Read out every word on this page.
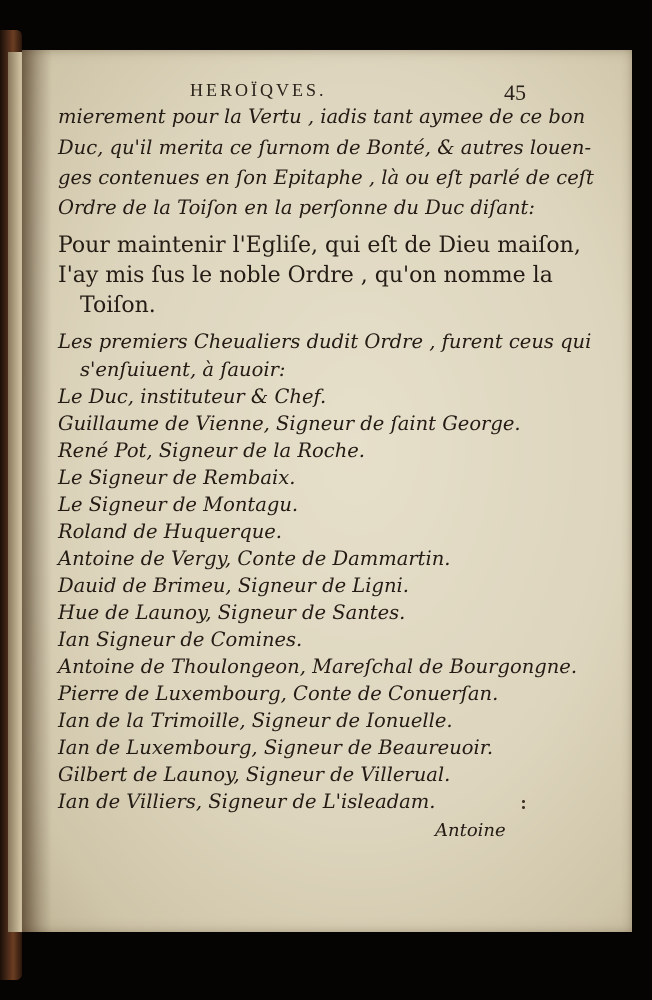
HEROÏQVES.	45
mierement pour la Vertu , iadis tant aymee de ce bon
Duc, qu'il merita ce ſurnom de Bonté, & autres louen-
ges contenues en ſon Epitaphe , là ou eſt parlé de ceſt
Ordre de la Toiſon en la perſonne du Duc diſant:
Pour maintenir l'Egliſe, qui eſt de Dieu maiſon,
I'ay mis ſus le noble Ordre , qu'on nomme la
Toiſon.
Les premiers Cheualiers dudit Ordre , furent ceus qui
s'enſuiuent, à ſauoir:
Le Duc, instituteur & Chef.
Guillaume de Vienne, Signeur de ſaint George.
René Pot, Signeur de la Roche.
Le Signeur de Rembaix.
Le Signeur de Montagu.
Roland de Huquerque.
Antoine de Vergy, Conte de Dammartin.
Dauid de Brimeu, Signeur de Ligni.
Hue de Launoy, Signeur de Santes.
Ian Signeur de Comines.
Antoine de Thoulongeon, Mareſchal de Bourgongne.
Pierre de Luxembourg, Conte de Conuerſan.
Ian de la Trimoille, Signeur de Ionuelle.
Ian de Luxembourg, Signeur de Beaureuoir.
Gilbert de Launoy, Signeur de Villerual.
Ian de Villiers, Signeur de L'isleadam.
Antoine
